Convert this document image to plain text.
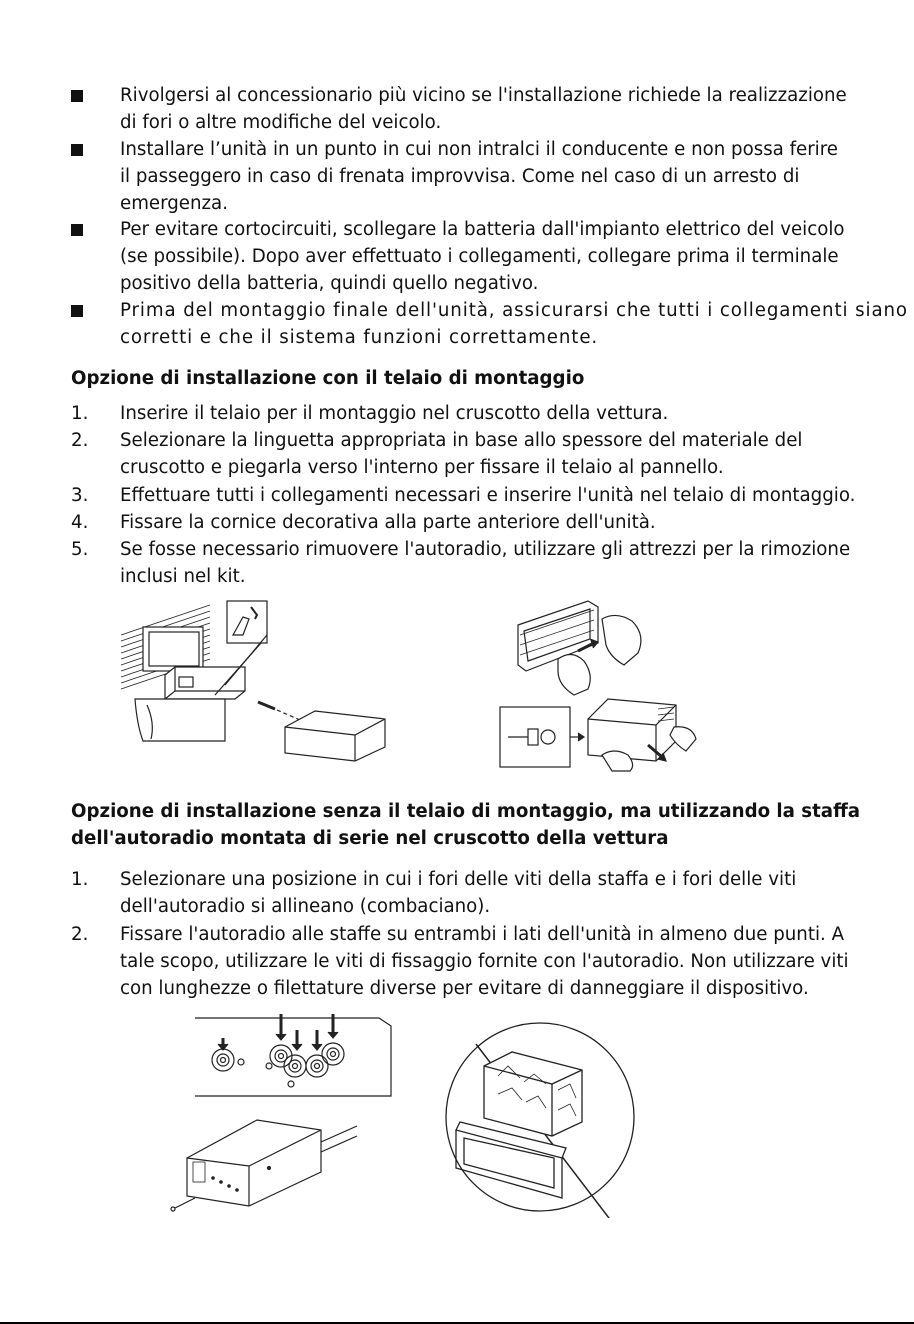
Rivolgersi al concessionario più vicino se l'installazione richiede la realizzazione
di fori o altre modifiche del veicolo.
Installare l’unità in un punto in cui non intralci il conducente e non possa ferire
il passeggero in caso di frenata improvvisa. Come nel caso di un arresto di
emergenza.
Per evitare cortocircuiti, scollegare la batteria dall'impianto elettrico del veicolo
(se possibile). Dopo aver effettuato i collegamenti, collegare prima il terminale
positivo della batteria, quindi quello negativo.
Prima del montaggio finale dell'unità, assicurarsi che tutti i collegamenti siano
corretti e che il sistema funzioni correttamente.
Opzione di installazione con il telaio di montaggio
1. Inserire il telaio per il montaggio nel cruscotto della vettura.
2. Selezionare la linguetta appropriata in base allo spessore del materiale del
cruscotto e piegarla verso l'interno per fissare il telaio al pannello.
3. Effettuare tutti i collegamenti necessari e inserire l'unità nel telaio di montaggio.
4. Fissare la cornice decorativa alla parte anteriore dell'unità.
5. Se fosse necessario rimuovere l'autoradio, utilizzare gli attrezzi per la rimozione
inclusi nel kit.
Opzione di installazione senza il telaio di montaggio, ma utilizzando la staffa
dell'autoradio montata di serie nel cruscotto della vettura
1. Selezionare una posizione in cui i fori delle viti della staffa e i fori delle viti
dell'autoradio si allineano (combaciano).
2. Fissare l'autoradio alle staffe su entrambi i lati dell'unità in almeno due punti. A
tale scopo, utilizzare le viti di fissaggio fornite con l'autoradio. Non utilizzare viti
con lunghezze o filettature diverse per evitare di danneggiare il dispositivo.
